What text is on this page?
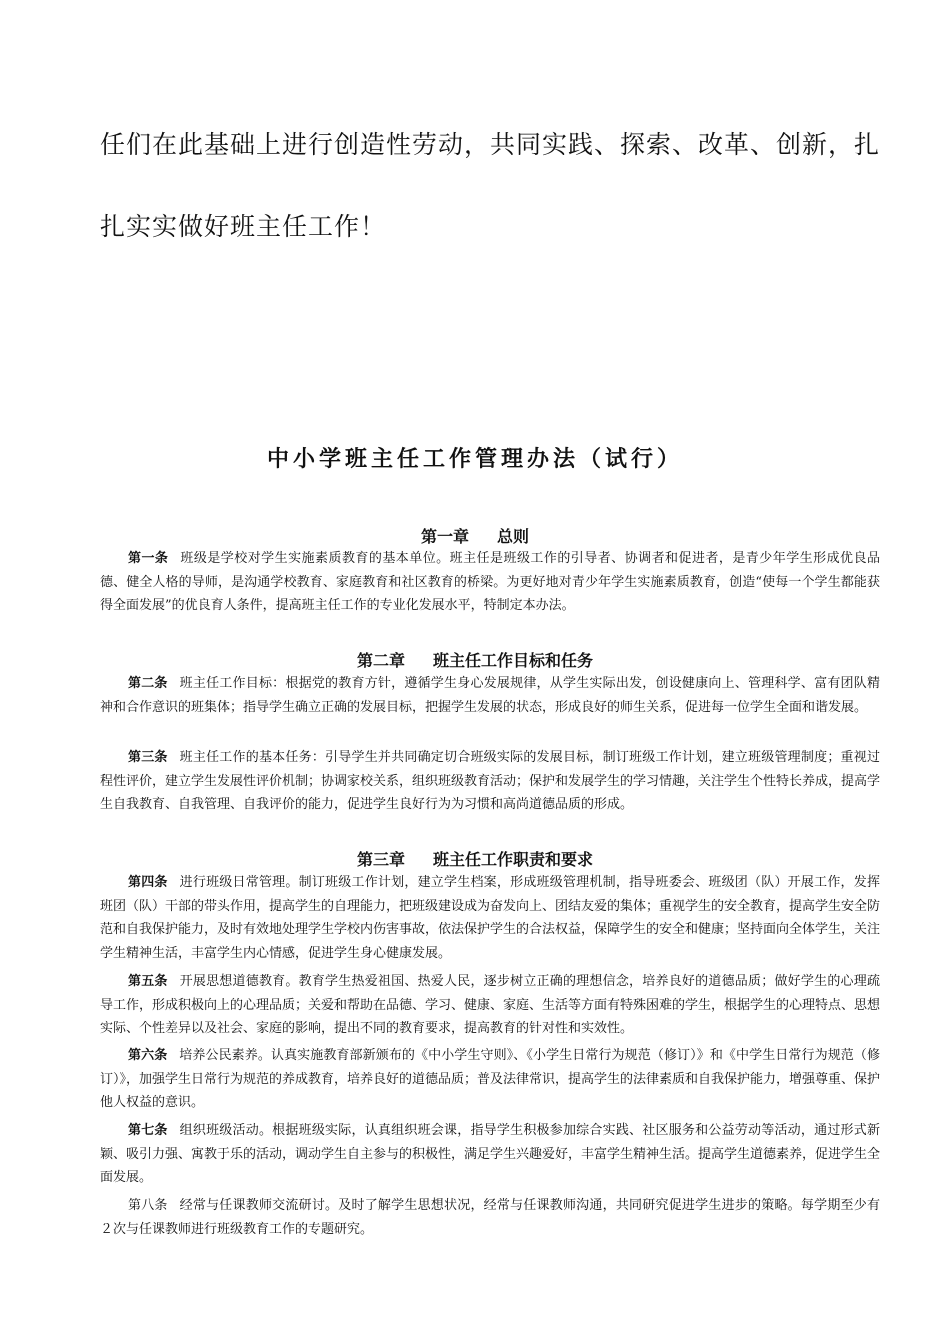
任们在此基础上进行创造性劳动，共同实践、探索、改革、创新，扎扎实实做好班主任工作！
中小学班主任工作管理办法（试行）
第一章 总则
第一条 班级是学校对学生实施素质教育的基本单位。班主任是班级工作的引导者、协调者和促进者，是青少年学生形成优良品德、健全人格的导师，是沟通学校教育、家庭教育和社区教育的桥梁。为更好地对青少年学生实施素质教育，创造“使每一个学生都能获得全面发展”的优良育人条件，提高班主任工作的专业化发展水平，特制定本办法。
第二章 班主任工作目标和任务
第二条 班主任工作目标：根据党的教育方针，遵循学生身心发展规律，从学生实际出发，创设健康向上、管理科学、富有团队精神和合作意识的班集体；指导学生确立正确的发展目标，把握学生发展的状态，形成良好的师生关系，促进每一位学生全面和谐发展。
第三条 班主任工作的基本任务：引导学生并共同确定切合班级实际的发展目标，制订班级工作计划，建立班级管理制度；重视过程性评价，建立学生发展性评价机制；协调家校关系，组织班级教育活动；保护和发展学生的学习情趣，关注学生个性特长养成，提高学生自我教育、自我管理、自我评价的能力，促进学生良好行为为习惯和高尚道德品质的形成。
第三章 班主任工作职责和要求
第四条 进行班级日常管理。制订班级工作计划，建立学生档案，形成班级管理机制，指导班委会、班级团（队）开展工作，发挥班团（队）干部的带头作用，提高学生的自理能力，把班级建设成为奋发向上、团结友爱的集体；重视学生的安全教育，提高学生安全防范和自我保护能力，及时有效地处理学生学校内伤害事故，依法保护学生的合法权益，保障学生的安全和健康；坚持面向全体学生，关注学生精神生活，丰富学生内心情感，促进学生身心健康发展。
第五条 开展思想道德教育。教育学生热爱祖国、热爱人民，逐步树立正确的理想信念，培养良好的道德品质；做好学生的心理疏导工作，形成积极向上的心理品质；关爱和帮助在品德、学习、健康、家庭、生活等方面有特殊困难的学生，根据学生的心理特点、思想实际、个性差异以及社会、家庭的影响，提出不同的教育要求，提高教育的针对性和实效性。
第六条 培养公民素养。认真实施教育部新颁布的《中小学生守则》、《小学生日常行为规范（修订）》和《中学生日常行为规范（修订）》，加强学生日常行为规范的养成教育，培养良好的道德品质；普及法律常识，提高学生的法律素质和自我保护能力，增强尊重、保护他人权益的意识。
第七条 组织班级活动。根据班级实际，认真组织班会课，指导学生积极参加综合实践、社区服务和公益劳动等活动，通过形式新颖、吸引力强、寓教于乐的活动，调动学生自主参与的积极性，满足学生兴趣爱好，丰富学生精神生活。提高学生道德素养，促进学生全面发展。
第八条 经常与任课教师交流研讨。及时了解学生思想状况，经常与任课教师沟通，共同研究促进学生进步的策略。每学期至少有２次与任课教师进行班级教育工作的专题研究。
